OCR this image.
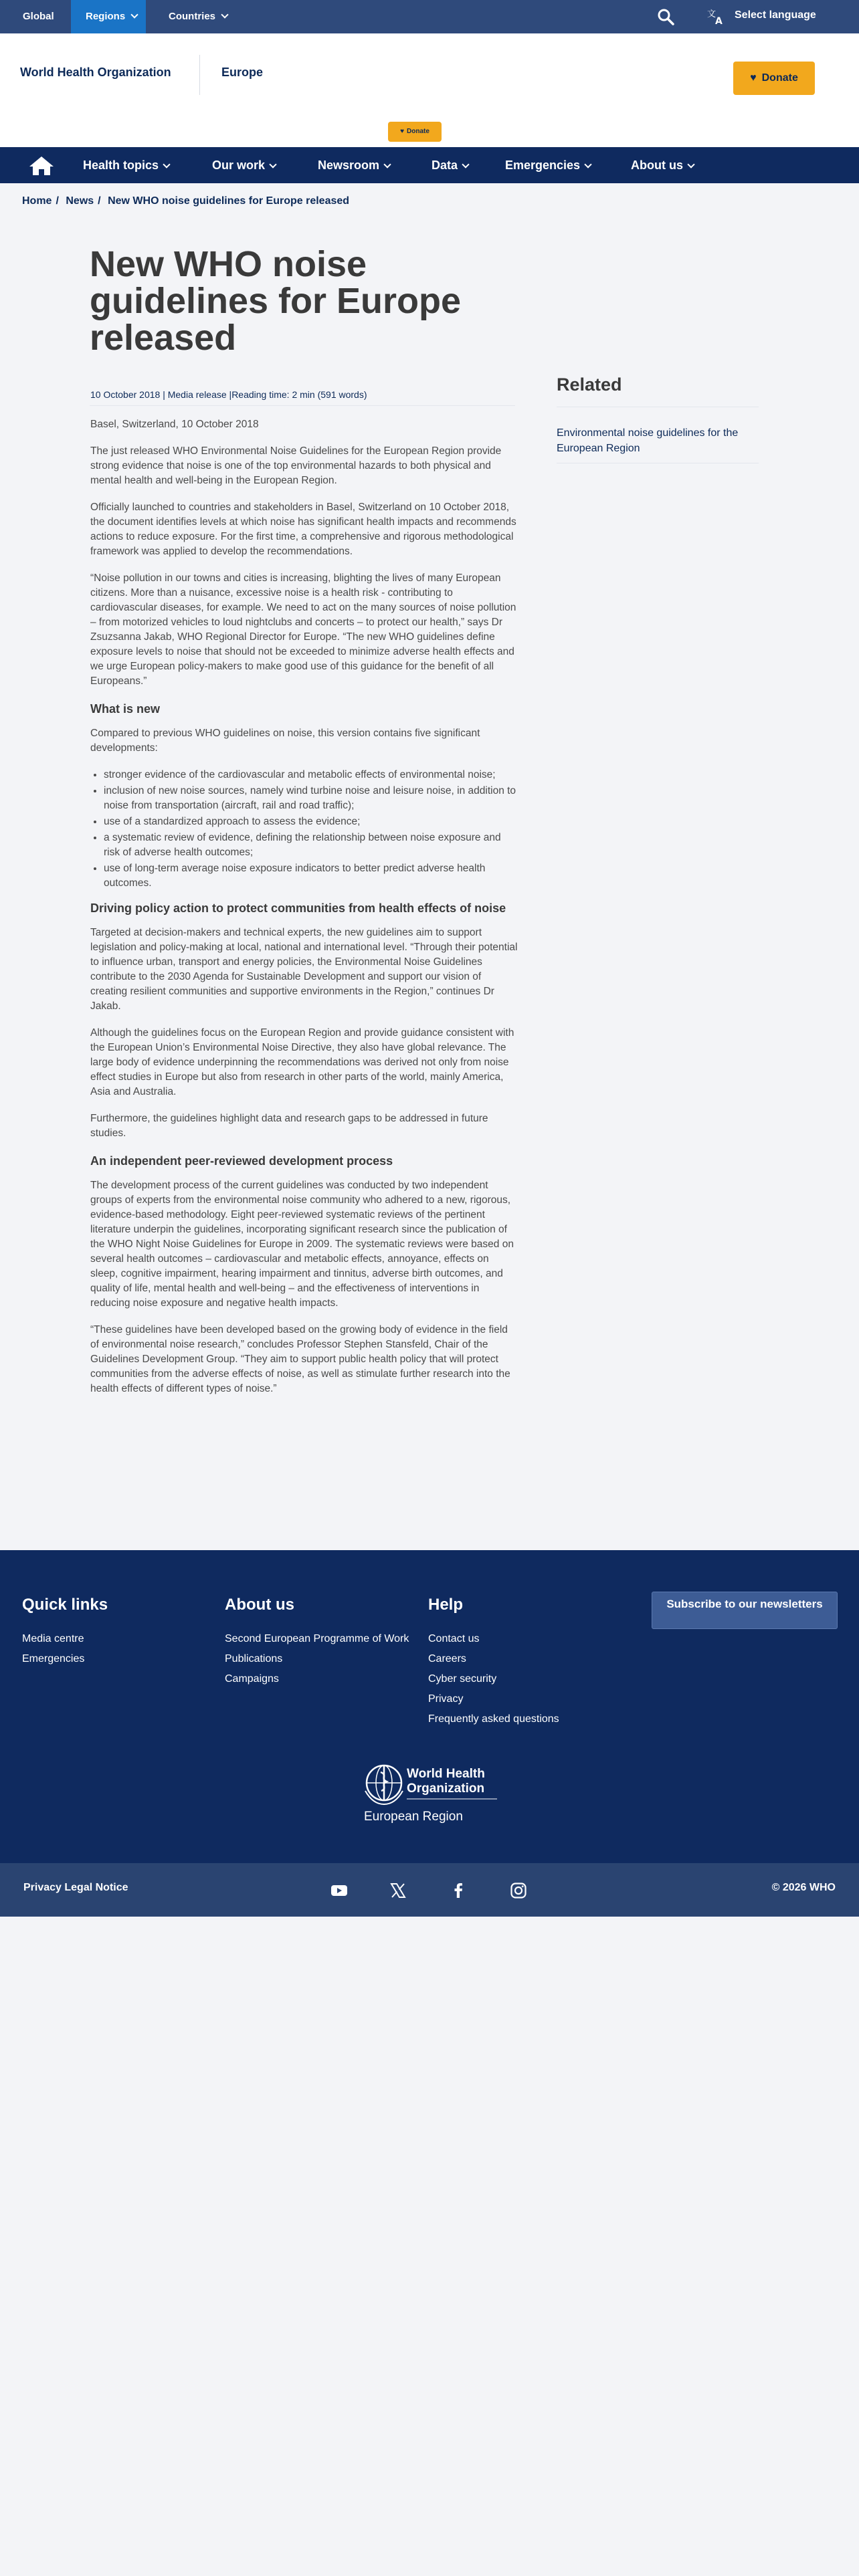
Global	Regions	Countries	文
A
Select language
World Health Organization	Europe	♥ Donate
♥ Donate
Health topics	Our work	Newsroom	Data	Emergencies	About us
Home / News / New WHO noise guidelines for Europe released
New WHO noise guidelines for Europe released
10 October 2018 | Media release |Reading time: 2 min (591 words)

Basel, Switzerland, 10 October 2018

The just released WHO Environmental Noise Guidelines for the European Region provide strong evidence that noise is one of the top environmental hazards to both physical and mental health and well-being in the European Region.

Officially launched to countries and stakeholders in Basel, Switzerland on 10 October 2018, the document identifies levels at which noise has significant health impacts and recommends actions to reduce exposure. For the first time, a comprehensive and rigorous methodological framework was applied to develop the recommendations.

“Noise pollution in our towns and cities is increasing, blighting the lives of many European citizens. More than a nuisance, excessive noise is a health risk - contributing to cardiovascular diseases, for example. We need to act on the many sources of noise pollution – from motorized vehicles to loud nightclubs and concerts – to protect our health,” says Dr Zsuzsanna Jakab, WHO Regional Director for Europe. “The new WHO guidelines define exposure levels to noise that should not be exceeded to minimize adverse health effects and we urge European policy-makers to make good use of this guidance for the benefit of all Europeans.”

What is new

Compared to previous WHO guidelines on noise, this version contains five significant developments:

• stronger evidence of the cardiovascular and metabolic effects of environmental noise;
• inclusion of new noise sources, namely wind turbine noise and leisure noise, in addition to noise from transportation (aircraft, rail and road traffic);
• use of a standardized approach to assess the evidence;
• a systematic review of evidence, defining the relationship between noise exposure and risk of adverse health outcomes;
• use of long-term average noise exposure indicators to better predict adverse health outcomes.
Driving policy action to protect communities from health effects of noise

Targeted at decision-makers and technical experts, the new guidelines aim to support legislation and policy-making at local, national and international level. “Through their potential to influence urban, transport and energy policies, the Environmental Noise Guidelines contribute to the 2030 Agenda for Sustainable Development and support our vision of creating resilient communities and supportive environments in the Region,” continues Dr Jakab.

Although the guidelines focus on the European Region and provide guidance consistent with the European Union’s Environmental Noise Directive, they also have global relevance. The large body of evidence underpinning the recommendations was derived not only from noise effect studies in Europe but also from research in other parts of the world, mainly America, Asia and Australia.

Furthermore, the guidelines highlight data and research gaps to be addressed in future studies.

An independent peer-reviewed development process

The development process of the current guidelines was conducted by two independent groups of experts from the environmental noise community who adhered to a new, rigorous, evidence-based methodology. Eight peer-reviewed systematic reviews of the pertinent literature underpin the guidelines, incorporating significant research since the publication of the WHO Night Noise Guidelines for Europe in 2009. The systematic reviews were based on several health outcomes – cardiovascular and metabolic effects, annoyance, effects on sleep, cognitive impairment, hearing impairment and tinnitus, adverse birth outcomes, and quality of life, mental health and well-being – and the effectiveness of interventions in reducing noise exposure and negative health impacts.

“These guidelines have been developed based on the growing body of evidence in the field of environmental noise research,” concludes Professor Stephen Stansfeld, Chair of the Guidelines Development Group. “They aim to support public health policy that will protect communities from the adverse effects of noise, as well as stimulate further research into the health effects of different types of noise.”

Related
Environmental noise guidelines for the European Region
Quick links
Media centre
Emergencies
About us
Second European Programme of Work
Publications
Campaigns
Help
Contact us
Careers
Cyber security
Privacy
Frequently asked questions
Subscribe to our newsletters
World Health
Organization
European Region
Privacy Legal Notice	© 2026 WHO
